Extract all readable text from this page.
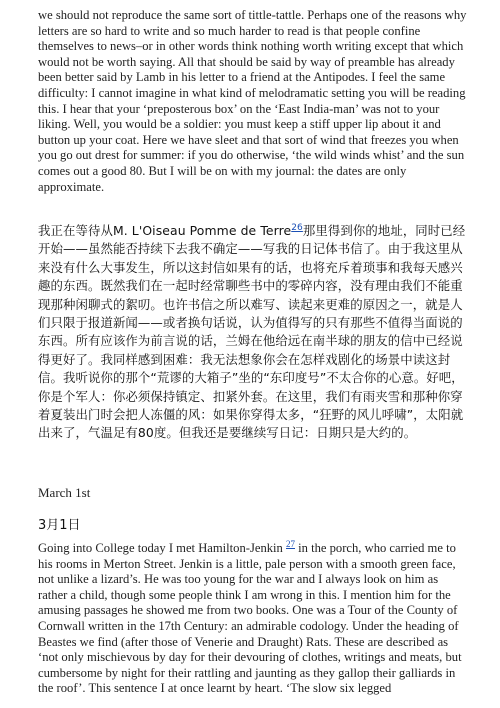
we should not reproduce the same sort of tittle-tattle. Perhaps one of the reasons why letters are so hard to write and so much harder to read is that people confine themselves to news–or in other words think nothing worth writing except that which would not be worth saying. All that should be said by way of preamble has already been better said by Lamb in his letter to a friend at the Antipodes. I feel the same difficulty: I cannot imagine in what kind of melodramatic setting you will be reading this. I hear that your ‘preposterous box’ on the ‘East India-man’ was not to your liking. Well, you would be a soldier: you must keep a stiff upper lip about it and button up your coat. Here we have sleet and that sort of wind that freezes you when you go out drest for summer: if you do otherwise, ‘the wild winds whist’ and the sun comes out a good 80. But I will be on with my journal: the dates are only approximate.

我正在等待从M. L'Oiseau Pomme de Terre$^{26}$那里得到你的地址，同时已经开始——虽然能否持续下去我不确定——写我的日记体书信了。由于我这里从来没有什么大事发生，所以这封信如果有的话，也将充斥着琐事和我每天感兴趣的东西。既然我们在一起时经常聊些书中的零碎内容，没有理由我们不能重现那种闲聊式的絮叨。也许书信之所以难写、读起来更难的原因之一，就是人们只限于报道新闻——或者换句话说，认为值得写的只有那些不值得当面说的东西。所有应该作为前言说的话，兰姆在他给远在南半球的朋友的信中已经说得更好了。我同样感到困难：我无法想象你会在怎样戏剧化的场景中读这封信。我听说你的那个“荒谬的大箱子”坐的“东印度号”不太合你的心意。好吧，你是个军人：你必须保持镇定、扣紧外套。在这里，我们有雨夹雪和那种你穿着夏装出门时会把人冻僵的风：如果你穿得太多，“狂野的风儿呼啸”，太阳就出来了，气温足有80度。但我还是要继续写日记：日期只是大约的。

March 1st

3月1日

Going into College today I met Hamilton-Jenkin $^{27}$ in the porch, who carried me to his rooms in Merton Street. Jenkin is a little, pale person with a smooth green face, not unlike a lizard’s. He was too young for the war and I always look on him as rather a child, though some people think I am wrong in this. I mention him for the amusing passages he showed me from two books. One was a Tour of the County of Cornwall written in the 17th Century: an admirable codology. Under the heading of Beastes we find (after those of Venerie and Draught) Rats. These are described as ‘not only mischievous by day for their devouring of clothes, writings and meats, but cumbersome by night for their rattling and jaunting as they gallop their galliards in the roof’. This sentence I at once learnt by heart. ‘The slow six legged
